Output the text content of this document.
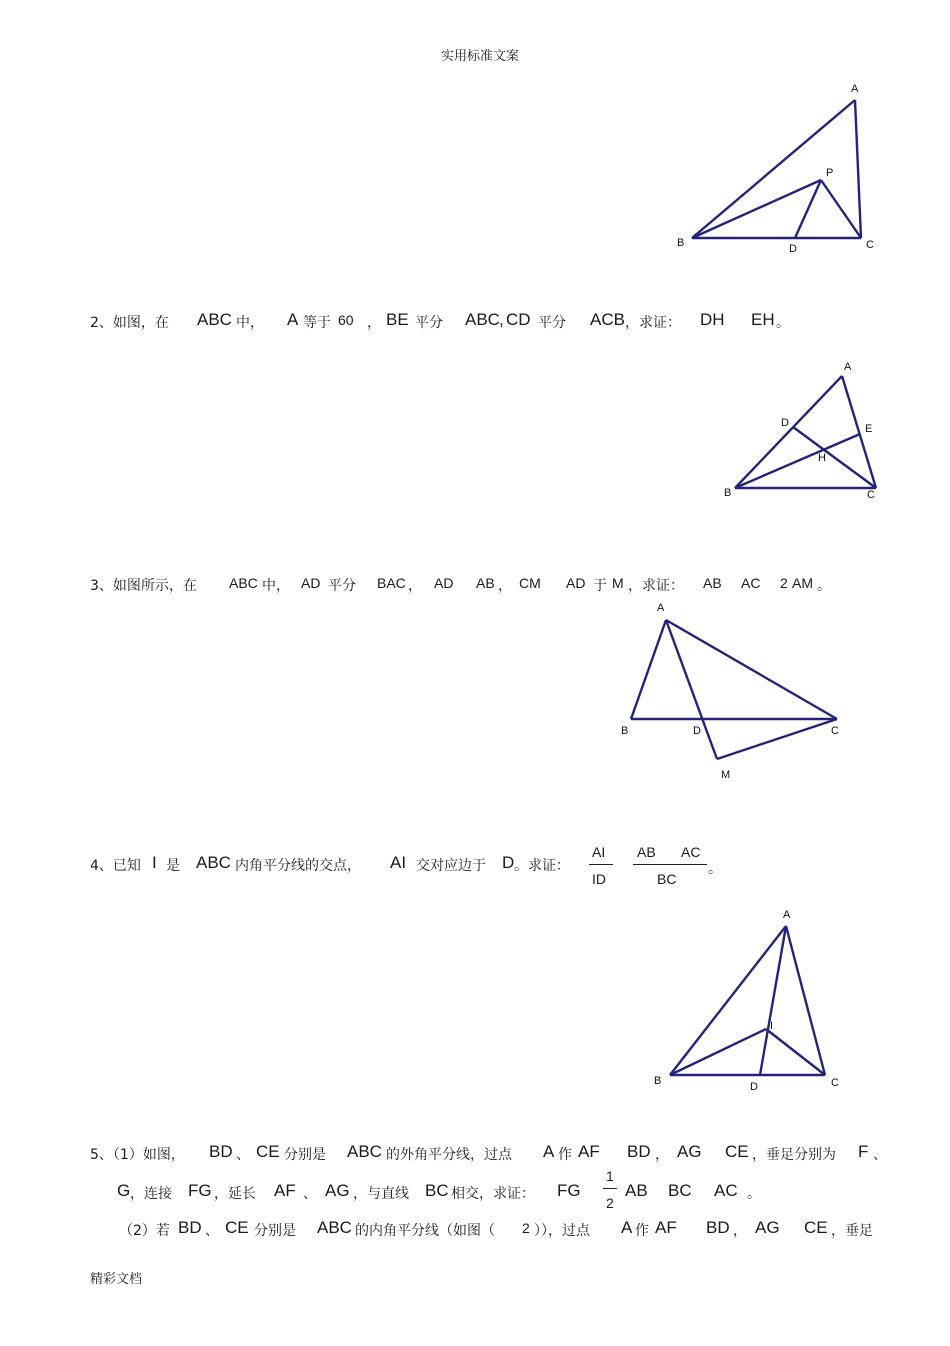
实用标准文案
A
P
B	D	C
A
D	E
H
B	C
A
B	D	C
M
A
I
B	D	C
2、如图，在 ABC 中， A 等于 60 ， BE 平分 ABC , CD 平分 ACB ，求证： DH EH 。
3、如图所示，在 ABC 中， AD 平分 BAC ， AD AB ， CM AD 于 M ，求证： AB AC 2 AM 。
4、已知 I 是 ABC 内角平分线的交点， AI 交对应边于 D 。求证：
AI
ID
AB AC
BC
。
5、（1）如图， BD 、 CE 分别是 ABC 的外角平分线，过点 A 作 AF BD ， AG CE ，垂足分别为 F 、
G ，连接 FG ，延长 AF 、 AG ，与直线 BC 相交，求证： FG
1
2
AB BC AC 。
（2）若 BD 、 CE 分别是 ABC 的内角平分线（如图（ 2 ）），过点 A 作 AF BD ， AG CE ，垂足
精彩文档
